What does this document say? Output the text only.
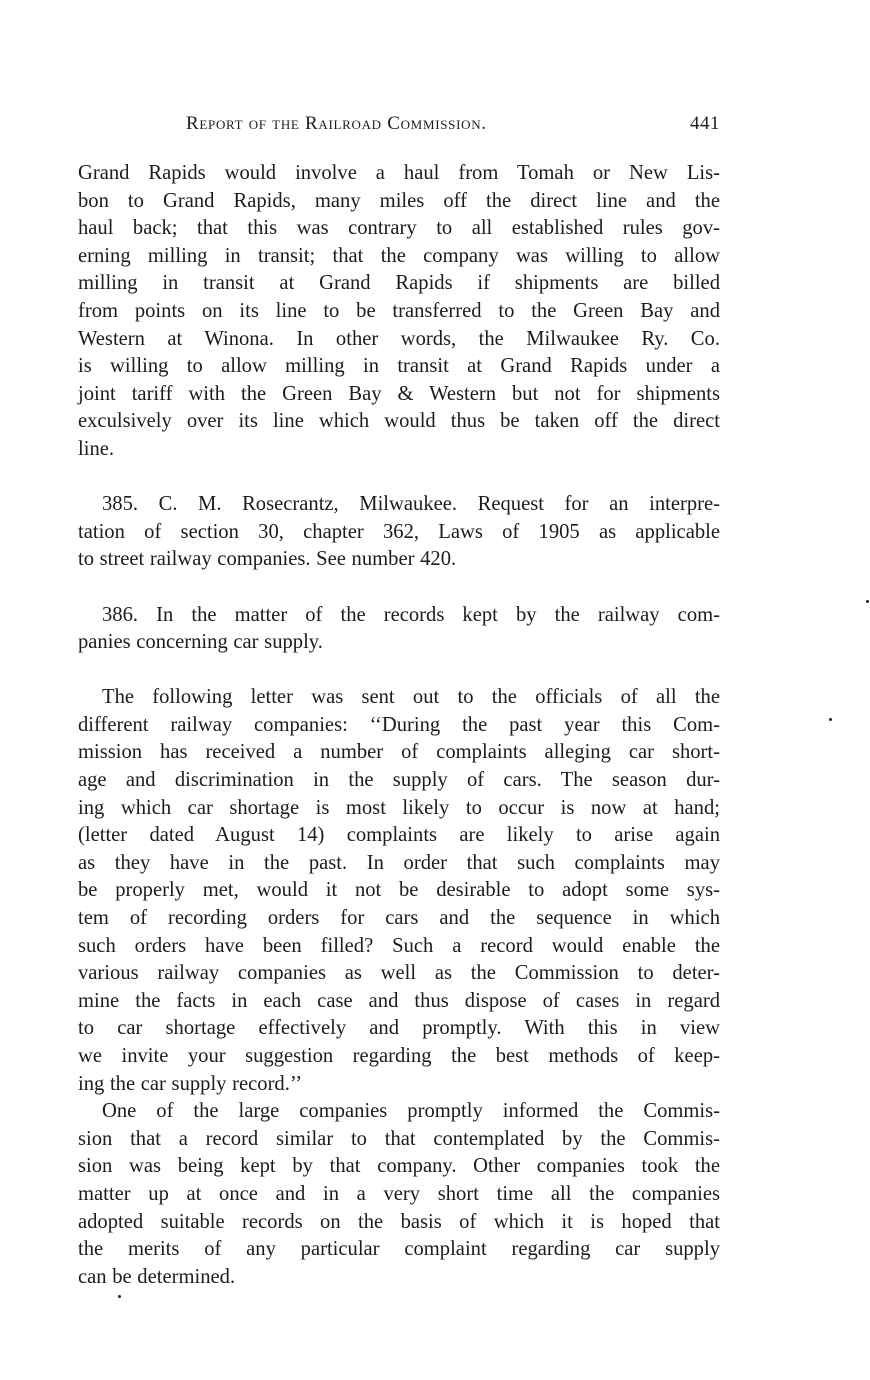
Report of the Railroad Commission.	441
Grand Rapids would involve a haul from Tomah or New Lis-
bon to Grand Rapids, many miles off the direct line and the
haul back; that this was contrary to all established rules gov-
erning milling in transit; that the company was willing to allow
milling in transit at Grand Rapids if shipments are billed
from points on its line to be transferred to the Green Bay and
Western at Winona. In other words, the Milwaukee Ry. Co.
is willing to allow milling in transit at Grand Rapids under a
joint tariff with the Green Bay & Western but not for shipments
exculsively over its line which would thus be taken off the direct
line.
385. C. M. Rosecrantz, Milwaukee. Request for an interpre-
tation of section 30, chapter 362, Laws of 1905 as applicable
to street railway companies. See number 420.
386. In the matter of the records kept by the railway com-
panies concerning car supply.
The following letter was sent out to the officials of all the
different railway companies: ‘‘During the past year this Com-
mission has received a number of complaints alleging car short-
age and discrimination in the supply of cars. The season dur-
ing which car shortage is most likely to occur is now at hand;
(letter dated August 14) complaints are likely to arise again
as they have in the past. In order that such complaints may
be properly met, would it not be desirable to adopt some sys-
tem of recording orders for cars and the sequence in which
such orders have been filled? Such a record would enable the
various railway companies as well as the Commission to deter-
mine the facts in each case and thus dispose of cases in regard
to car shortage effectively and promptly. With this in view
we invite your suggestion regarding the best methods of keep-
ing the car supply record.’’
One of the large companies promptly informed the Commis-
sion that a record similar to that contemplated by the Commis-
sion was being kept by that company. Other companies took the
matter up at once and in a very short time all the companies
adopted suitable records on the basis of which it is hoped that
the merits of any particular complaint regarding car supply
can be determined.
